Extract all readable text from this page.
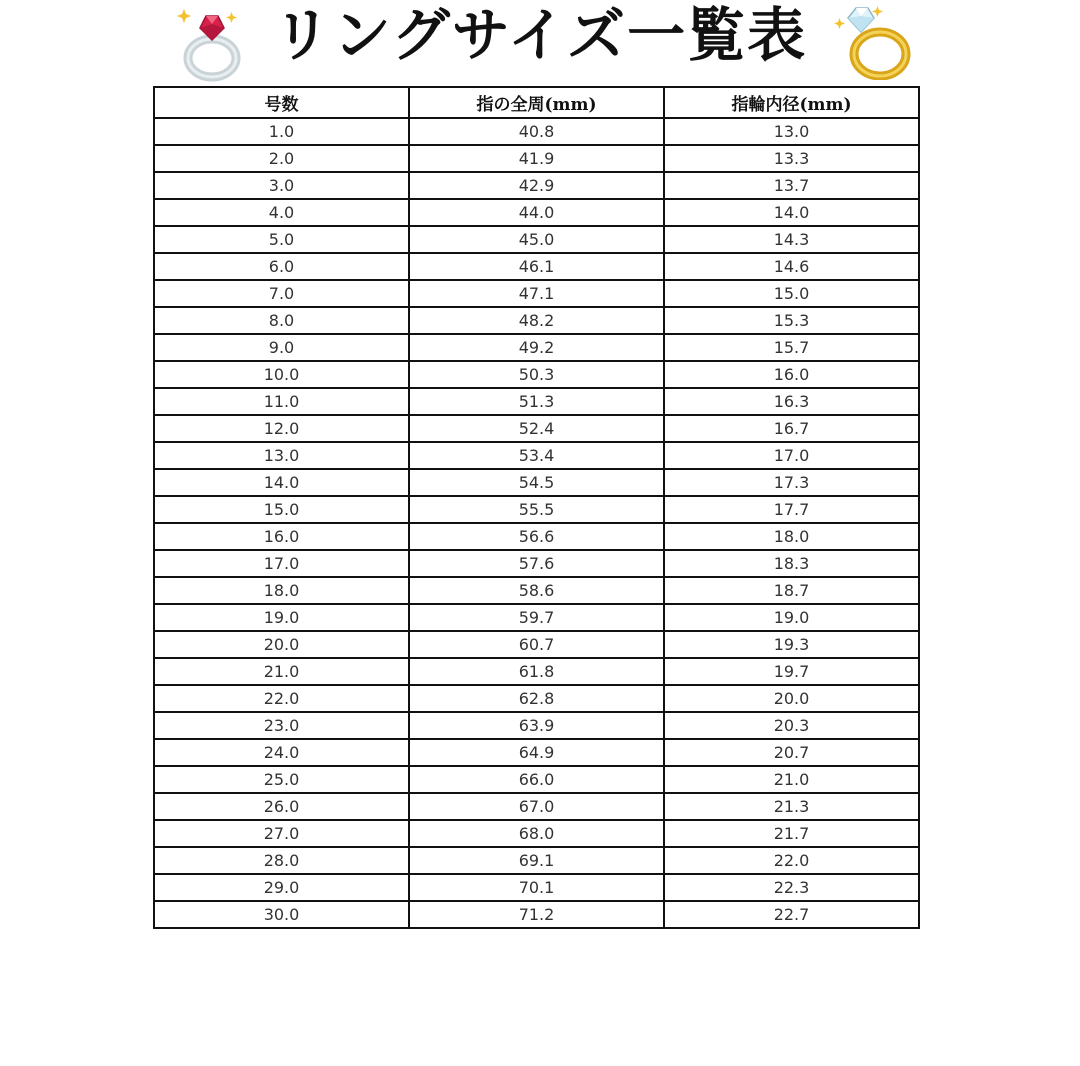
リングサイズ一覧表
号数	指の全周(mm)	指輪内径(mm)
1.0	40.8	13.0
2.0	41.9	13.3
3.0	42.9	13.7
4.0	44.0	14.0
5.0	45.0	14.3
6.0	46.1	14.6
7.0	47.1	15.0
8.0	48.2	15.3
9.0	49.2	15.7
10.0	50.3	16.0
11.0	51.3	16.3
12.0	52.4	16.7
13.0	53.4	17.0
14.0	54.5	17.3
15.0	55.5	17.7
16.0	56.6	18.0
17.0	57.6	18.3
18.0	58.6	18.7
19.0	59.7	19.0
20.0	60.7	19.3
21.0	61.8	19.7
22.0	62.8	20.0
23.0	63.9	20.3
24.0	64.9	20.7
25.0	66.0	21.0
26.0	67.0	21.3
27.0	68.0	21.7
28.0	69.1	22.0
29.0	70.1	22.3
30.0	71.2	22.7
